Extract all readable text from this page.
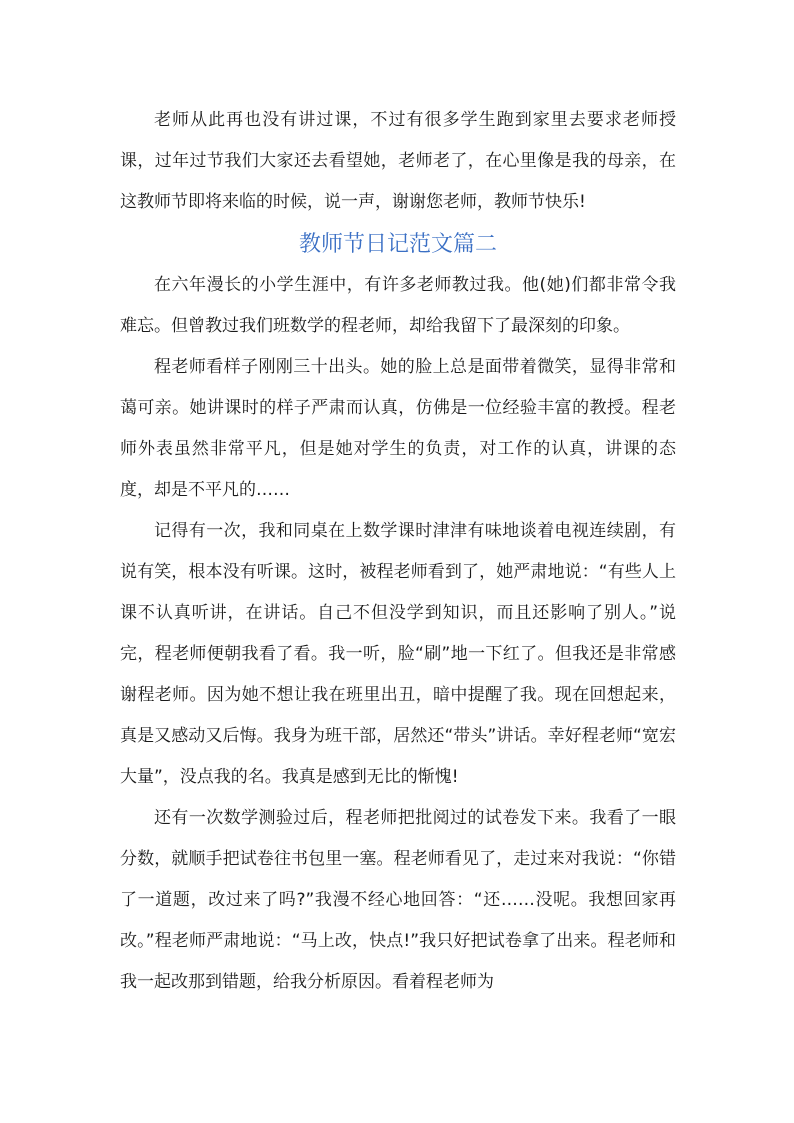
老师从此再也没有讲过课，不过有很多学生跑到家里去要求老师授课，过年过节我们大家还去看望她，老师老了，在心里像是我的母亲，在这教师节即将来临的时候，说一声，谢谢您老师，教师节快乐!

教师节日记范文篇二

在六年漫长的小学生涯中，有许多老师教过我。他(她)们都非常令我难忘。但曾教过我们班数学的程老师，却给我留下了最深刻的印象。

程老师看样子刚刚三十出头。她的脸上总是面带着微笑，显得非常和蔼可亲。她讲课时的样子严肃而认真，仿佛是一位经验丰富的教授。程老师外表虽然非常平凡，但是她对学生的负责，对工作的认真，讲课的态度，却是不平凡的……

记得有一次，我和同桌在上数学课时津津有味地谈着电视连续剧，有说有笑，根本没有听课。这时，被程老师看到了，她严肃地说：“有些人上课不认真听讲，在讲话。自己不但没学到知识，而且还影响了别人。”说完，程老师便朝我看了看。我一听，脸“刷”地一下红了。但我还是非常感谢程老师。因为她不想让我在班里出丑，暗中提醒了我。现在回想起来，真是又感动又后悔。我身为班干部，居然还“带头”讲话。幸好程老师“宽宏大量”，没点我的名。我真是感到无比的惭愧!

还有一次数学测验过后，程老师把批阅过的试卷发下来。我看了一眼分数，就顺手把试卷往书包里一塞。程老师看见了，走过来对我说：“你错了一道题，改过来了吗?”我漫不经心地回答：“还……没呢。我想回家再改。”程老师严肃地说：“马上改，快点!”我只好把试卷拿了出来。程老师和我一起改那到错题，给我分析原因。看着程老师为
